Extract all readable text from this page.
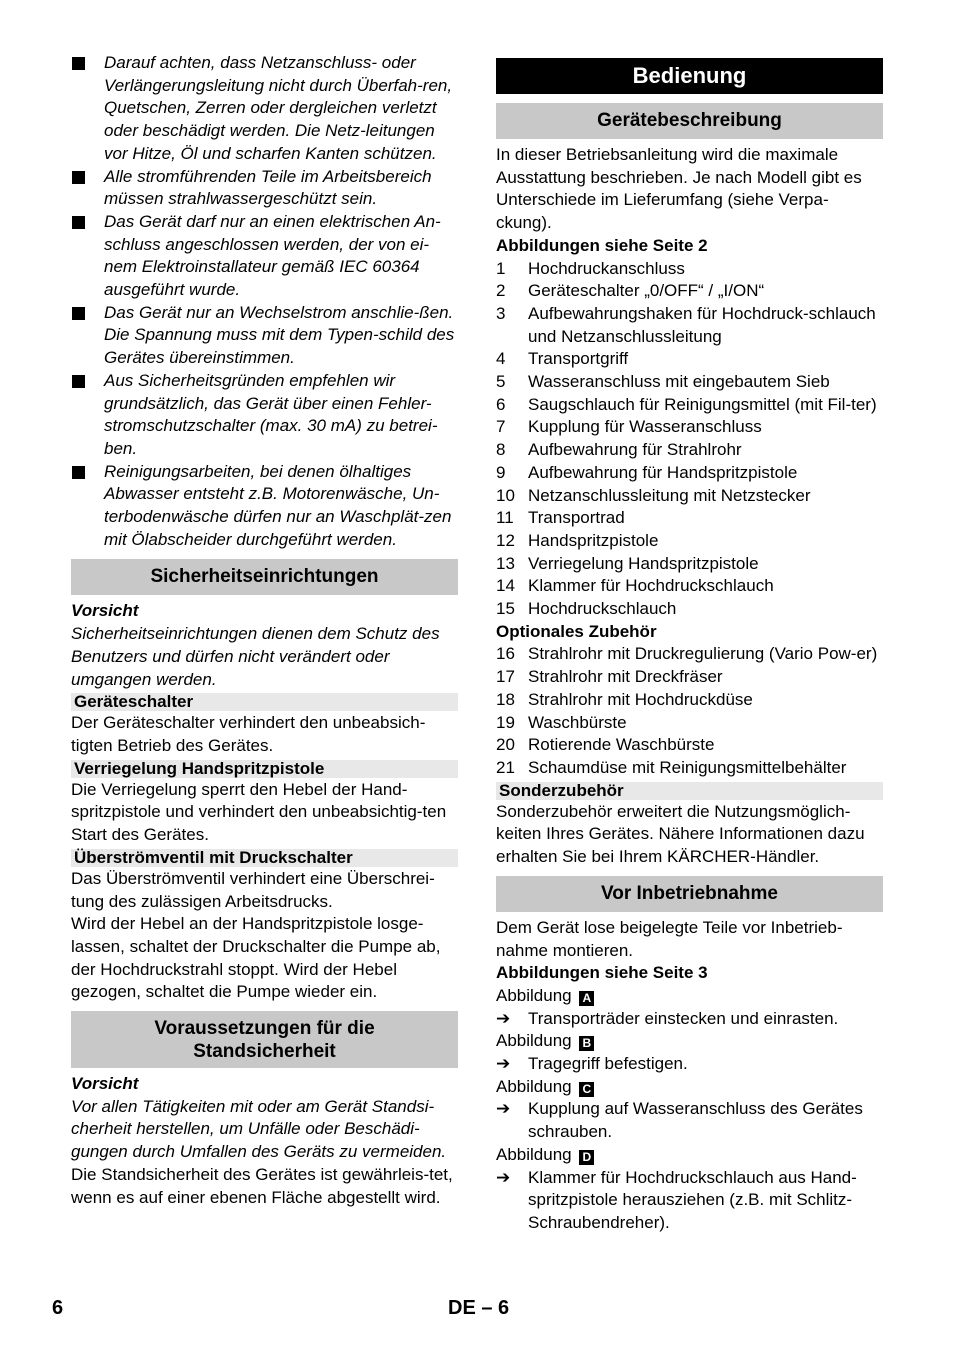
Darauf achten, dass Netzanschluss- oder Verlängerungsleitung nicht durch Überfah-ren, Quetschen, Zerren oder dergleichen verletzt oder beschädigt werden. Die Netz-leitungen vor Hitze, Öl und scharfen Kanten schützen.

Alle stromführenden Teile im Arbeitsbereich müssen strahlwassergeschützt sein.

Das Gerät darf nur an einen elektrischen An-schluss angeschlossen werden, der von ei-nem Elektroinstallateur gemäß IEC 60364 ausgeführt wurde.

Das Gerät nur an Wechselstrom anschlie-ßen. Die Spannung muss mit dem Typen-schild des Gerätes übereinstimmen.

Aus Sicherheitsgründen empfehlen wir grundsätzlich, das Gerät über einen Fehler-stromschutzschalter (max. 30 mA) zu betrei-ben.

Reinigungsarbeiten, bei denen ölhaltiges Abwasser entsteht z.B. Motorenwäsche, Un-terbodenwäsche dürfen nur an Waschplät-zen mit Ölabscheider durchgeführt werden.

Sicherheitseinrichtungen

Vorsicht

Sicherheitseinrichtungen dienen dem Schutz des Benutzers und dürfen nicht verändert oder umgangen werden.

Geräteschalter

Der Geräteschalter verhindert den unbeabsich-tigten Betrieb des Gerätes.

Verriegelung Handspritzpistole

Die Verriegelung sperrt den Hebel der Hand-spritzpistole und verhindert den unbeabsichtig-ten Start des Gerätes.

Überströmventil mit Druckschalter

Das Überströmventil verhindert eine Überschrei-tung des zulässigen Arbeitsdrucks.

Wird der Hebel an der Handspritzpistole losge-lassen, schaltet der Druckschalter die Pumpe ab, der Hochdruckstrahl stoppt. Wird der Hebel gezogen, schaltet die Pumpe wieder ein.

Voraussetzungen für die
Standsicherheit

Vorsicht

Vor allen Tätigkeiten mit oder am Gerät Standsi-cherheit herstellen, um Unfälle oder Beschädi-gungen durch Umfallen des Geräts zu vermeiden.

Die Standsicherheit des Gerätes ist gewährleis-tet, wenn es auf einer ebenen Fläche abgestellt wird.

Bedienung
Gerätebeschreibung

In dieser Betriebsanleitung wird die maximale Ausstattung beschrieben. Je nach Modell gibt es Unterschiede im Lieferumfang (siehe Verpa-ckung).

Abbildungen siehe Seite 2

1	Hochdruckanschluss
2	Geräteschalter „0/OFF“ / „I/ON“
3	Aufbewahrungshaken für Hochdruck-schlauch und Netzanschlussleitung
4	Transportgriff
5	Wasseranschluss mit eingebautem Sieb
6	Saugschlauch für Reinigungsmittel (mit Fil-ter)
7	Kupplung für Wasseranschluss
8	Aufbewahrung für Strahlrohr
9	Aufbewahrung für Handspritzpistole
10 Netzanschlussleitung mit Netzstecker
11 Transportrad
12 Handspritzpistole
13 Verriegelung Handspritzpistole
14 Klammer für Hochdruckschlauch
15 Hochdruckschlauch

Optionales Zubehör

16 Strahlrohr mit Druckregulierung (Vario Pow-er)
17 Strahlrohr mit Dreckfräser
18 Strahlrohr mit Hochdruckdüse
19 Waschbürste
20 Rotierende Waschbürste
21 Schaumdüse mit Reinigungsmittelbehälter
Sonderzubehör

Sonderzubehör erweitert die Nutzungsmöglich-keiten Ihres Gerätes. Nähere Informationen dazu erhalten Sie bei Ihrem KÄRCHER-Händler.

Vor Inbetriebnahme

Dem Gerät lose beigelegte Teile vor Inbetrieb-nahme montieren.

Abbildungen siehe Seite 3

Abbildung A

➔	Transporträder einstecken und einrasten.

Abbildung B

➔	Tragegriff befestigen.

Abbildung C

➔	Kupplung auf Wasseranschluss des Gerätes schrauben.

Abbildung D

➔	Klammer für Hochdruckschlauch aus Hand-spritzpistole herausziehen (z.B. mit Schlitz-Schraubendreher).
6	DE – 6
